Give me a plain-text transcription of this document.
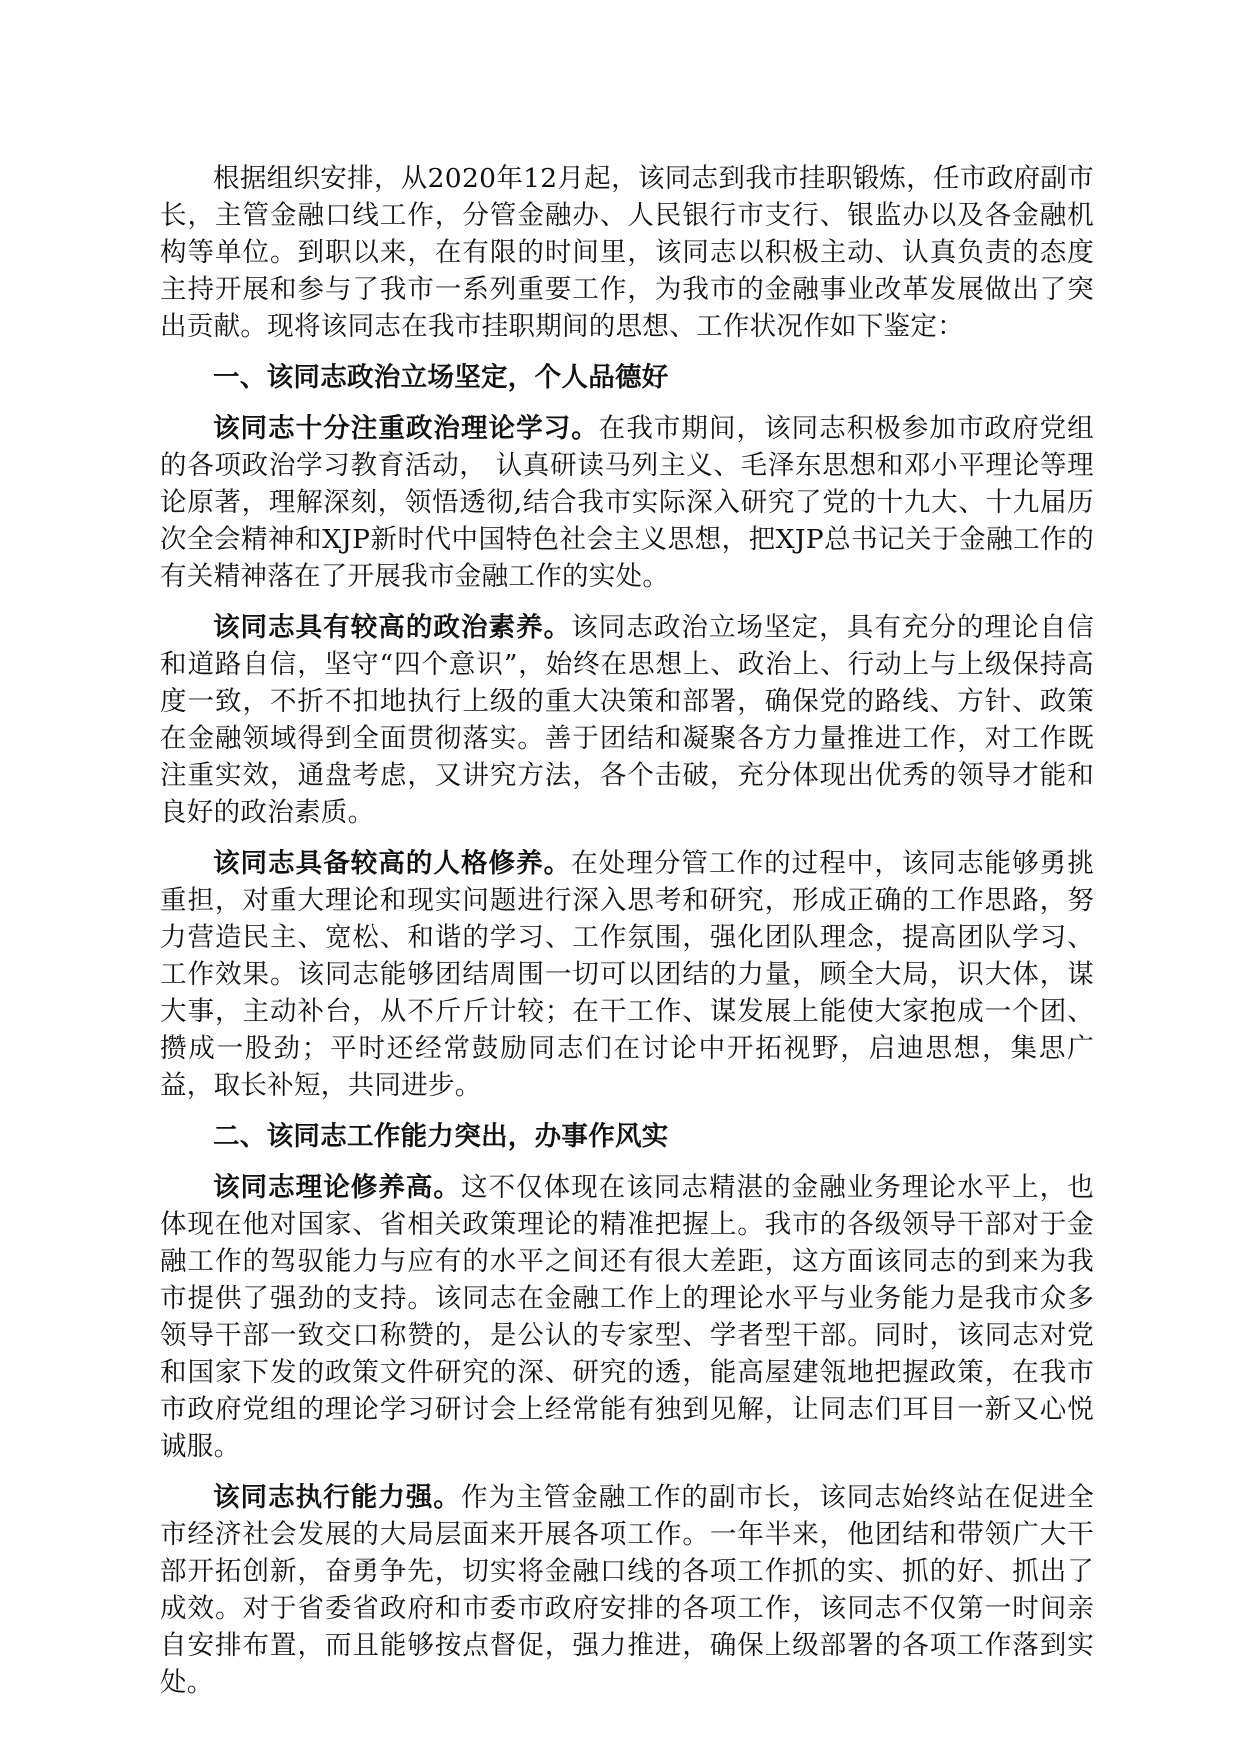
根据组织安排，从2020年12月起，该同志到我市挂职锻炼，任市政府副市长，主管金融口线工作，分管金融办、人民银行市支行、银监办以及各金融机构等单位。到职以来，在有限的时间里，该同志以积极主动、认真负责的态度主持开展和参与了我市一系列重要工作，为我市的金融事业改革发展做出了突出贡献。现将该同志在我市挂职期间的思想、工作状况作如下鉴定：

一、该同志政治立场坚定，个人品德好

该同志十分注重政治理论学习。在我市期间，该同志积极参加市政府党组的各项政治学习教育活动， 认真研读马列主义、毛泽东思想和邓小平理论等理论原著，理解深刻，领悟透彻,结合我市实际深入研究了党的十九大、十九届历次全会精神和XJP新时代中国特色社会主义思想，把XJP总书记关于金融工作的有关精神落在了开展我市金融工作的实处。

该同志具有较高的政治素养。该同志政治立场坚定，具有充分的理论自信和道路自信，坚守“四个意识”，始终在思想上、政治上、行动上与上级保持高度一致，不折不扣地执行上级的重大决策和部署，确保党的路线、方针、政策在金融领域得到全面贯彻落实。善于团结和凝聚各方力量推进工作，对工作既注重实效，通盘考虑，又讲究方法，各个击破，充分体现出优秀的领导才能和良好的政治素质。

该同志具备较高的人格修养。在处理分管工作的过程中，该同志能够勇挑重担，对重大理论和现实问题进行深入思考和研究，形成正确的工作思路，努力营造民主、宽松、和谐的学习、工作氛围，强化团队理念，提高团队学习、工作效果。该同志能够团结周围一切可以团结的力量，顾全大局，识大体，谋大事，主动补台，从不斤斤计较；在干工作、谋发展上能使大家抱成一个团、攒成一股劲；平时还经常鼓励同志们在讨论中开拓视野，启迪思想，集思广益，取长补短，共同进步。

二、该同志工作能力突出，办事作风实

该同志理论修养高。这不仅体现在该同志精湛的金融业务理论水平上，也体现在他对国家、省相关政策理论的精准把握上。我市的各级领导干部对于金融工作的驾驭能力与应有的水平之间还有很大差距，这方面该同志的到来为我市提供了强劲的支持。该同志在金融工作上的理论水平与业务能力是我市众多领导干部一致交口称赞的，是公认的专家型、学者型干部。同时，该同志对党和国家下发的政策文件研究的深、研究的透，能高屋建瓴地把握政策，在我市市政府党组的理论学习研讨会上经常能有独到见解，让同志们耳目一新又心悦诚服。

该同志执行能力强。作为主管金融工作的副市长，该同志始终站在促进全市经济社会发展的大局层面来开展各项工作。一年半来，他团结和带领广大干部开拓创新，奋勇争先，切实将金融口线的各项工作抓的实、抓的好、抓出了成效。对于省委省政府和市委市政府安排的各项工作，该同志不仅第一时间亲自安排布置，而且能够按点督促，强力推进，确保上级部署的各项工作落到实处。
